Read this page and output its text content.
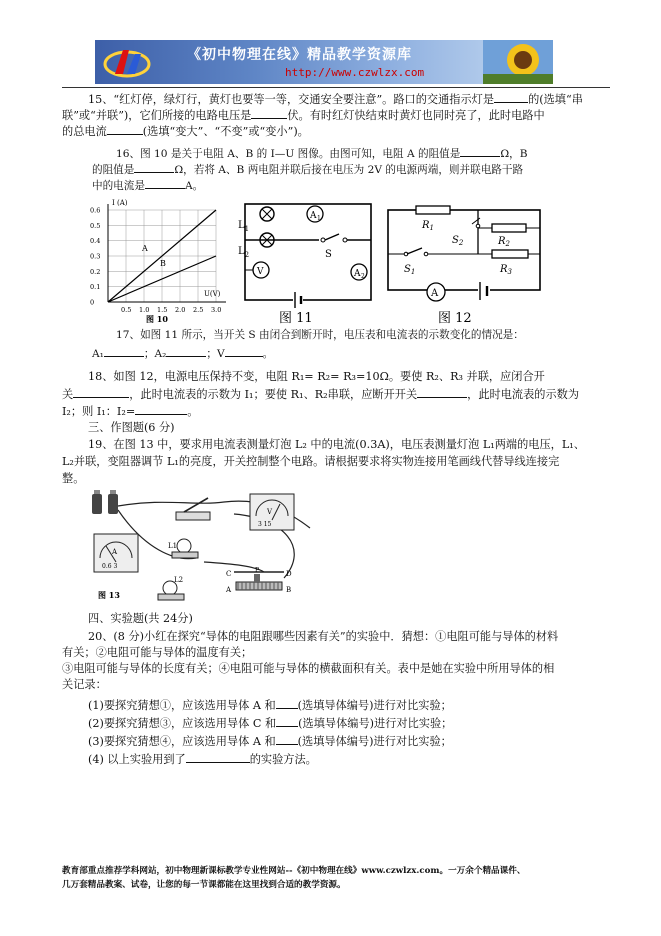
《初中物理在线》精品教学资源库
http://www.czwlzx.com
15、“红灯停，绿灯行，黄灯也要等一等，交通安全要注意”。路口的交通指示灯是	的(选填“串
联”或“并联”)，它们所接的电路电压是	伏。有时红灯快结束时黄灯也同时亮了，此时电路中
的总电流	(选填“变大”、“不变”或“变小”)。
16、图 10 是关于电阻 A、B 的 I—U 图像。由图可知，电阻 A 的阻值是	Ω，B
的阻值是	Ω，若将 A、B 两电阻并联后接在电压为 2V 的电源两端，则并联电路干路
中的电流是	A。
I (A)
U(V)
0.6
0.5
0.4
0.3
0.2
0.1
0
0.5 1.0 1.5 2.0 2.5 3.0
A
B
图 10
$L_1$
$L_2$
A 1
S
V	A 2
图 11
$R_1$
$S_2$	$R_2$
$S_1$	$R_3$
A
图 12
17、如图 11 所示，当开关 S 由闭合到断开时，电压表和电流表的示数变化的情况是：
A₁	；A₂	；V	。
18、如图 12，电源电压保持不变，电阻 R₁= R₂= R₃=10Ω。要使 R₂、R₃ 并联，应闭合开
关	，此时电流表的示数为 I₁；要使 R₁、R₂串联，应断开开关	，此时电流表的示数为
I₂；则 I₁：I₂=	。
三、作图题(6 分)
19、在图 13 中，要求用电流表测量灯泡 L₂ 中的电流(0.3A)，电压表测量灯泡 L₁两端的电压，L₁、
L₂并联，变阻器调节 L₁的亮度，开关控制整个电路。请根据要求将实物连接用笔画线代替导线连接完
整。
V
3 15
A
0.6 3
L1
L2
C	D
P
A	B
图 13
四、实验题(共 24分)
20、(8 分)小红在探究“导体的电阻跟哪些因素有关”的实验中．猜想：①电阻可能与导体的材料
有关；②电阻可能与导体的温度有关；
③电阻可能与导体的长度有关；④电阻可能与导体的横截面积有关。表中是她在实验中所用导体的相
关记录：
(1)要探究猜想①，应该选用导体 A 和 (选填导体编号)进行对比实验；
(2)要探究猜想③，应该选用导体 C 和 (选填导体编号)进行对比实验；
(3)要探究猜想④，应该选用导体 A 和 (选填导体编号)进行对比实验；
(4) 以上实验用到了	的实验方法。
教育部重点推荐学科网站，初中物理新课标教学专业性网站--《初中物理在线》www.czwlzx.com。一万余个精品课件、
几万套精品教案、试卷，让您的每一节课都能在这里找到合适的教学资源。
